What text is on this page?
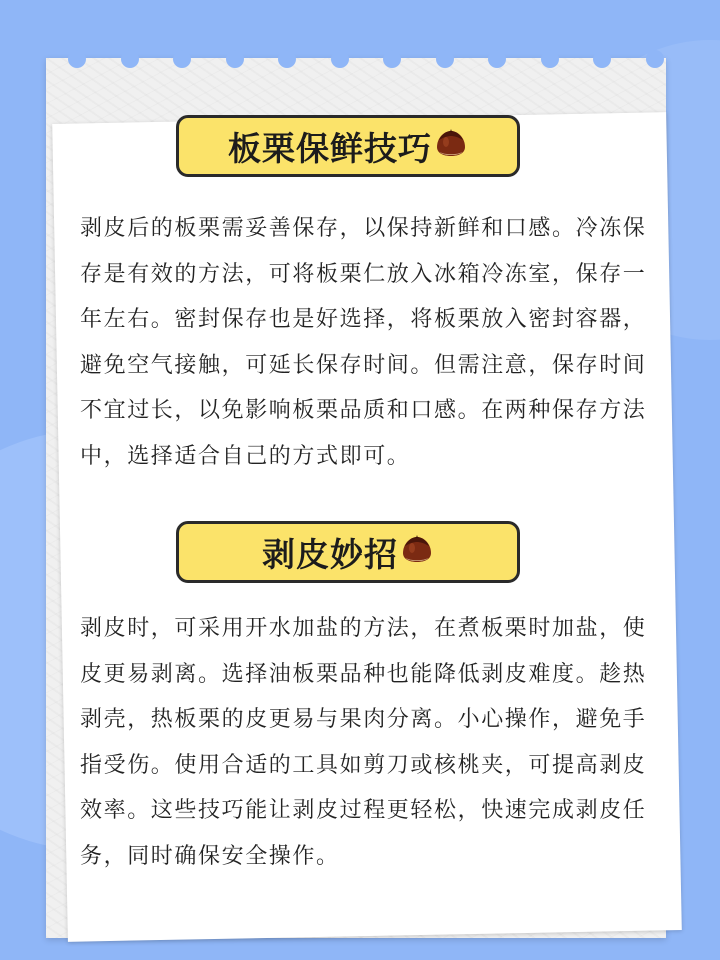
板栗保鲜技巧
剥皮后的板栗需妥善保存，以保持新鲜和口感。冷冻保
存是有效的方法，可将板栗仁放入冰箱冷冻室，保存一
年左右。密封保存也是好选择，将板栗放入密封容器，
避免空气接触，可延长保存时间。但需注意，保存时间
不宜过长，以免影响板栗品质和口感。在两种保存方法
中，选择适合自己的方式即可。
剥皮妙招
剥皮时，可采用开水加盐的方法，在煮板栗时加盐，使
皮更易剥离。选择油板栗品种也能降低剥皮难度。趁热
剥壳，热板栗的皮更易与果肉分离。小心操作，避免手
指受伤。使用合适的工具如剪刀或核桃夹，可提高剥皮
效率。这些技巧能让剥皮过程更轻松，快速完成剥皮任
务，同时确保安全操作。
